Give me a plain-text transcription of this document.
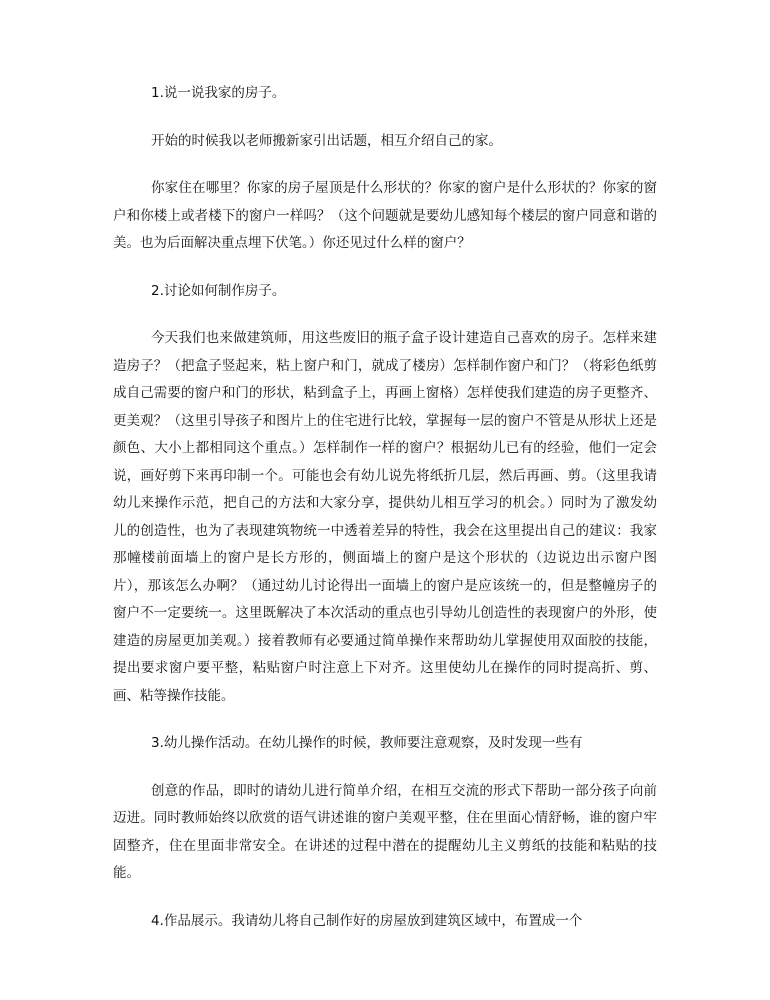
1.说一说我家的房子。

开始的时候我以老师搬新家引出话题，相互介绍自己的家。

你家住在哪里？你家的房子屋顶是什么形状的？你家的窗户是什么形状的？你家的窗户和你楼上或者楼下的窗户一样吗？（这个问题就是要幼儿感知每个楼层的窗户同意和谐的美。也为后面解决重点埋下伏笔。）你还见过什么样的窗户？

2.讨论如何制作房子。

今天我们也来做建筑师，用这些废旧的瓶子盒子设计建造自己喜欢的房子。怎样来建造房子？（把盒子竖起来，粘上窗户和门，就成了楼房）怎样制作窗户和门？（将彩色纸剪成自己需要的窗户和门的形状，粘到盒子上，再画上窗格）怎样使我们建造的房子更整齐、更美观？（这里引导孩子和图片上的住宅进行比较，掌握每一层的窗户不管是从形状上还是颜色、大小上都相同这个重点。）怎样制作一样的窗户？根据幼儿已有的经验，他们一定会说，画好剪下来再印制一个。可能也会有幼儿说先将纸折几层，然后再画、剪。（这里我请幼儿来操作示范，把自己的方法和大家分享，提供幼儿相互学习的机会。）同时为了激发幼儿的创造性，也为了表现建筑物统一中透着差异的特性，我会在这里提出自己的建议：我家那幢楼前面墙上的窗户是长方形的，侧面墙上的窗户是这个形状的（边说边出示窗户图片），那该怎么办啊？（通过幼儿讨论得出一面墙上的窗户是应该统一的，但是整幢房子的窗户不一定要统一。这里既解决了本次活动的重点也引导幼儿创造性的表现窗户的外形，使建造的房屋更加美观。）接着教师有必要通过简单操作来帮助幼儿掌握使用双面胶的技能，提出要求窗户要平整，粘贴窗户时注意上下对齐。这里使幼儿在操作的同时提高折、剪、画、粘等操作技能。

3.幼儿操作活动。在幼儿操作的时候，教师要注意观察，及时发现一些有

创意的作品，即时的请幼儿进行简单介绍，在相互交流的形式下帮助一部分孩子向前迈进。同时教师始终以欣赏的语气讲述谁的窗户美观平整，住在里面心情舒畅，谁的窗户牢固整齐，住在里面非常安全。在讲述的过程中潜在的提醒幼儿主义剪纸的技能和粘贴的技能。

4.作品展示。我请幼儿将自己制作好的房屋放到建筑区域中，布置成一个
